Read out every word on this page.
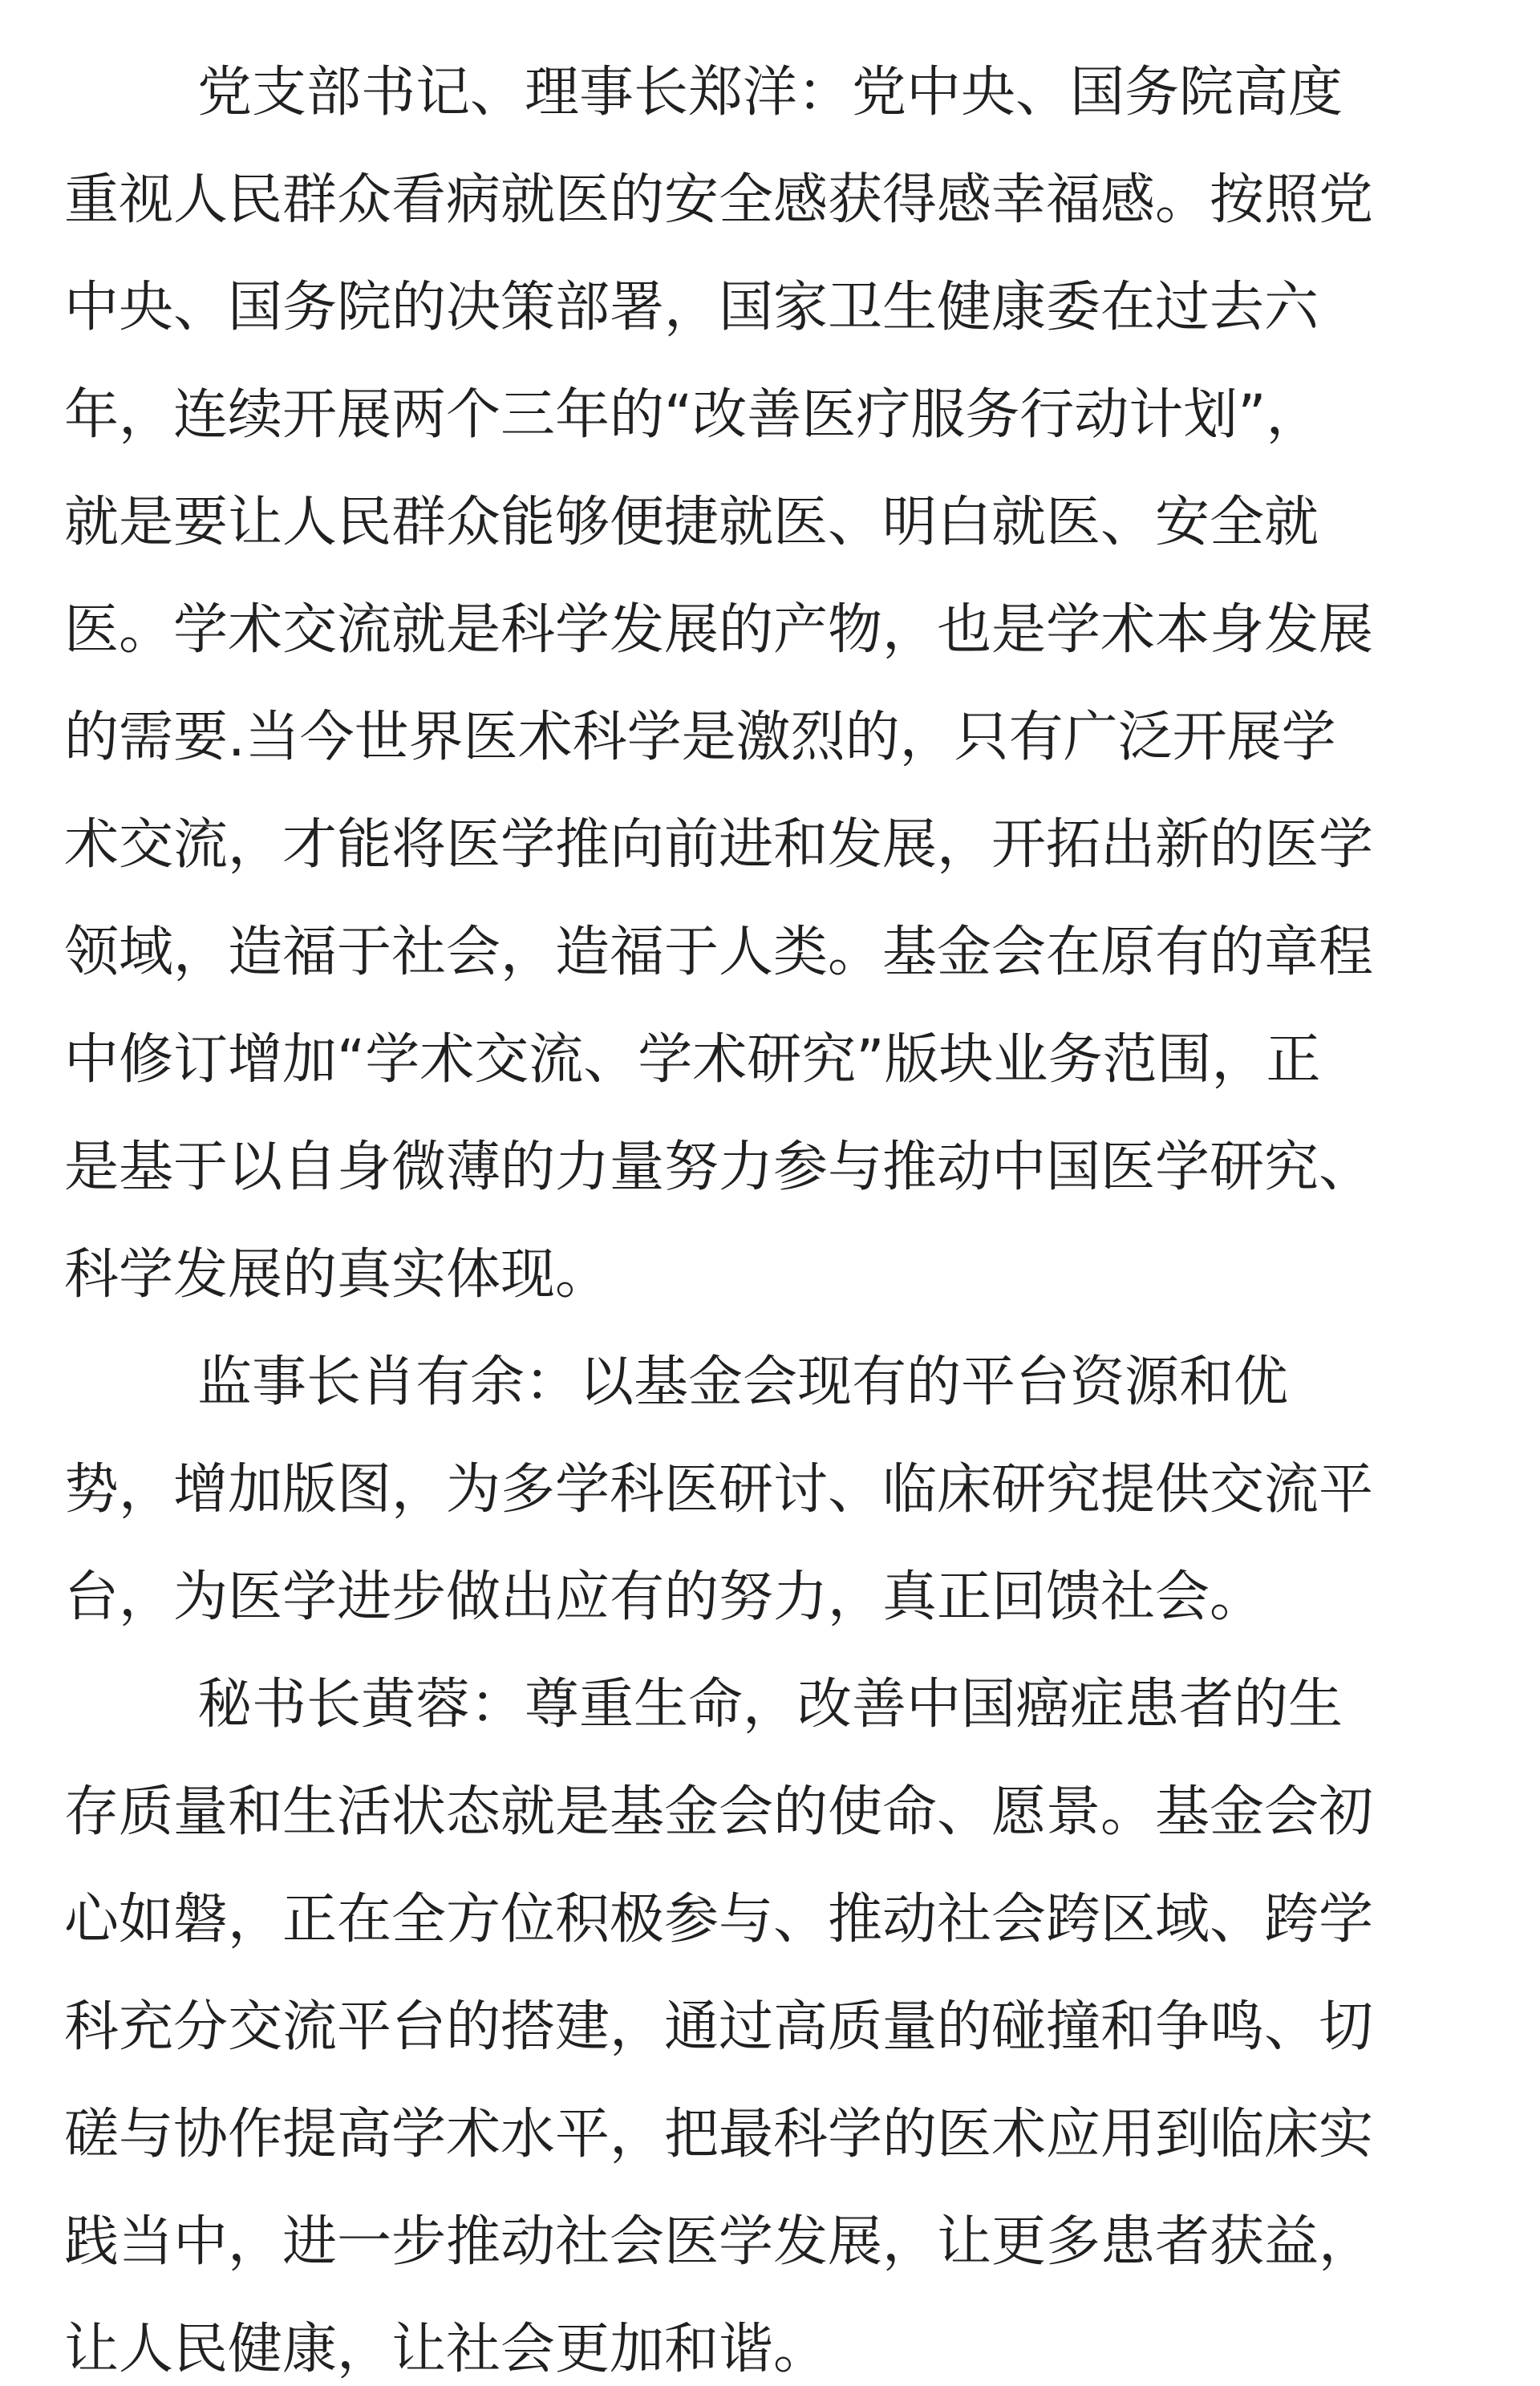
党支部书记、理事长郑洋：党中央、国务院高度
重视人民群众看病就医的安全感获得感幸福感。按照党
中央、国务院的决策部署，国家卫生健康委在过去六
年，连续开展两个三年的“改善医疗服务行动计划”，
就是要让人民群众能够便捷就医、明白就医、安全就
医。学术交流就是科学发展的产物，也是学术本身发展
的需要.当今世界医术科学是激烈的，只有广泛开展学
术交流，才能将医学推向前进和发展，开拓出新的医学
领域，造福于社会，造福于人类。基金会在原有的章程
中修订增加“学术交流、学术研究”版块业务范围，正
是基于以自身微薄的力量努力参与推动中国医学研究、
科学发展的真实体现。
监事长肖有余：以基金会现有的平台资源和优
势，增加版图，为多学科医研讨、临床研究提供交流平
台，为医学进步做出应有的努力，真正回馈社会。
秘书长黄蓉：尊重生命，改善中国癌症患者的生
存质量和生活状态就是基金会的使命、愿景。基金会初
心如磐，正在全方位积极参与、推动社会跨区域、跨学
科充分交流平台的搭建，通过高质量的碰撞和争鸣、切
磋与协作提高学术水平，把最科学的医术应用到临床实
践当中，进一步推动社会医学发展，让更多患者获益，
让人民健康，让社会更加和谐。
